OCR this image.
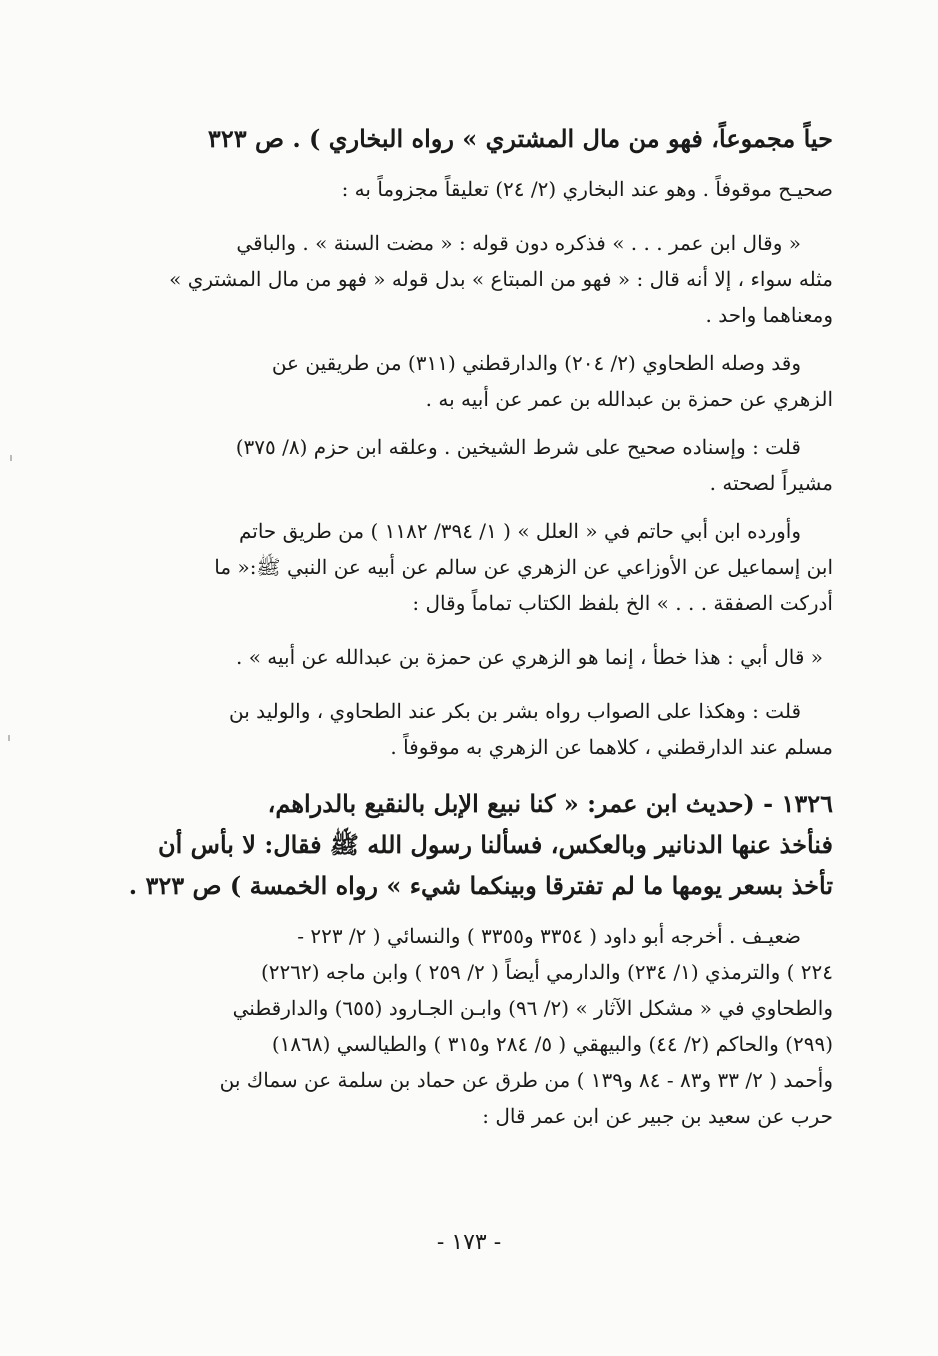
حياً مجموعاً، فهو من مال المشتري » رواه البخاري ) . ص ٣٢٣
صحيـح موقوفاً . وهو عند البخاري (٢/ ٢٤) تعليقاً مجزوماً به :
« وقال ابن عمر . . . » فذكره دون قوله : « مضت السنة » . والباقي
مثله سواء ، إلا أنه قال : « فهو من المبتاع » بدل قوله « فهو من مال المشتري »
ومعناهما واحد .
وقد وصله الطحاوي (٢/ ٢٠٤) والدارقطني (٣١١) من طريقين عن
الزهري عن حمزة بن عبدالله بن عمر عن أبيه به .
قلت : وإسناده صحيح على شرط الشيخين . وعلقه ابن حزم (٨/ ٣٧٥)
مشيراً لصحته .
وأورده ابن أبي حاتم في « العلل » ( ١/ ٣٩٤/ ١١٨٢ ) من طريق حاتم
ابن إسماعيل عن الأوزاعي عن الزهري عن سالم عن أبيه عن النبي ﷺ:« ما
أدركت الصفقة . . . » الخ بلفظ الكتاب تماماً وقال :
« قال أبي : هذا خطأ ، إنما هو الزهري عن حمزة بن عبدالله عن أبيه » .
قلت : وهكذا على الصواب رواه بشر بن بكر عند الطحاوي ، والوليد بن
مسلم عند الدارقطني ، كلاهما عن الزهري به موقوفاً .
١٣٢٦ - (حديث ابن عمر: « كنا نبيع الإبل بالنقيع بالدراهم،
فنأخذ عنها الدنانير وبالعكس، فسألنا رسول الله ﷺ فقال: لا بأس أن
تأخذ بسعر يومها ما لم تفترقا وبينكما شيء » رواه الخمسة ) ص ٣٢٣ .
ضعيـف . أخرجه أبو داود ( ٣٣٥٤ و٣٣٥٥ ) والنسائي ( ٢/ ٢٢٣ -
٢٢٤ ) والترمذي (١/ ٢٣٤) والدارمي أيضاً ( ٢/ ٢٥٩ ) وابن ماجه (٢٢٦٢)
والطحاوي في « مشكل الآثار » (٢/ ٩٦) وابـن الجـارود (٦٥٥) والدارقطني
(٢٩٩) والحاكم (٢/ ٤٤) والبيهقي ( ٥/ ٢٨٤ و٣١٥ ) والطيالسي (١٨٦٨)
وأحمد ( ٢/ ٣٣ و٨٣ - ٨٤ و١٣٩ ) من طرق عن حماد بن سلمة عن سماك بن
حرب عن سعيد بن جبير عن ابن عمر قال :
- ١٧٣ -
